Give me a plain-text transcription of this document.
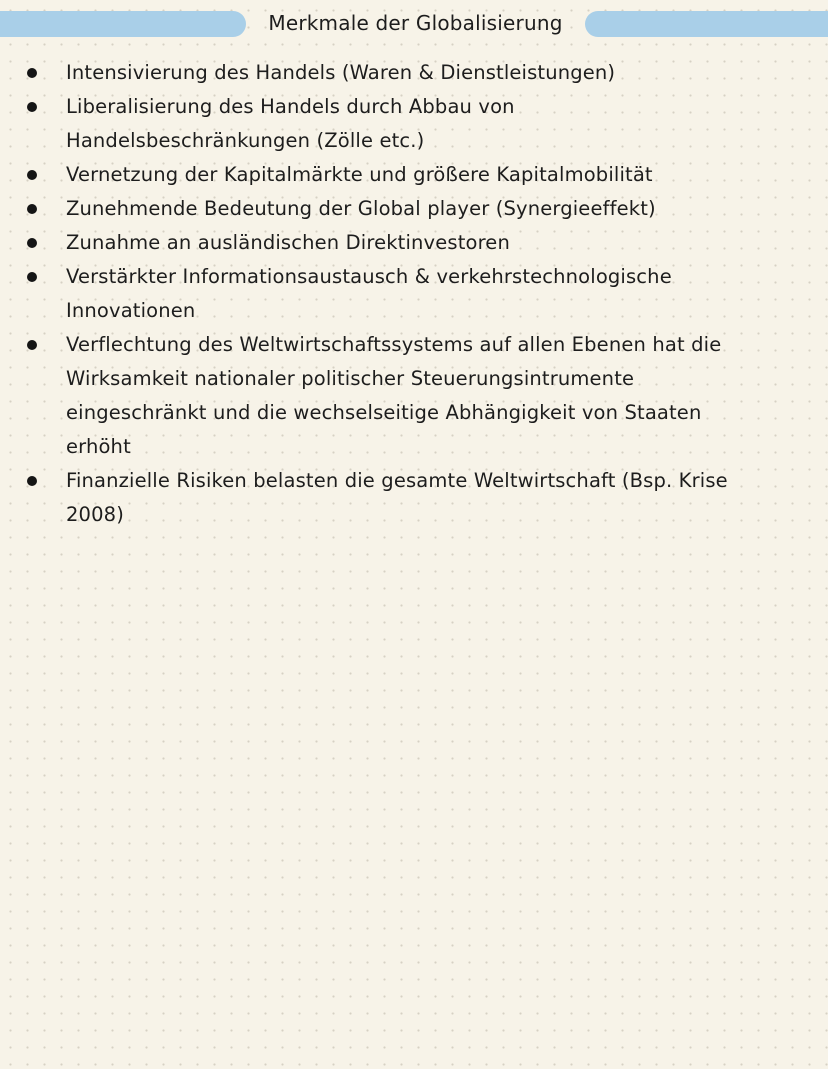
Merkmale der Globalisierung
Intensivierung des Handels (Waren & Dienstleistungen)
Liberalisierung des Handels durch Abbau von Handelsbeschränkungen (Zölle etc.)
Vernetzung der Kapitalmärkte und größere Kapitalmobilität
Zunehmende Bedeutung der Global player (Synergieeffekt)
Zunahme an ausländischen Direktinvestoren
Verstärkter Informationsaustausch & verkehrstechnologische Innovationen
Verflechtung des Weltwirtschaftssystems auf allen Ebenen hat die Wirksamkeit nationaler politischer Steuerungsintrumente eingeschränkt und die wechselseitige Abhängigkeit von Staaten erhöht
Finanzielle Risiken belasten die gesamte Weltwirtschaft (Bsp. Krise 2008)
